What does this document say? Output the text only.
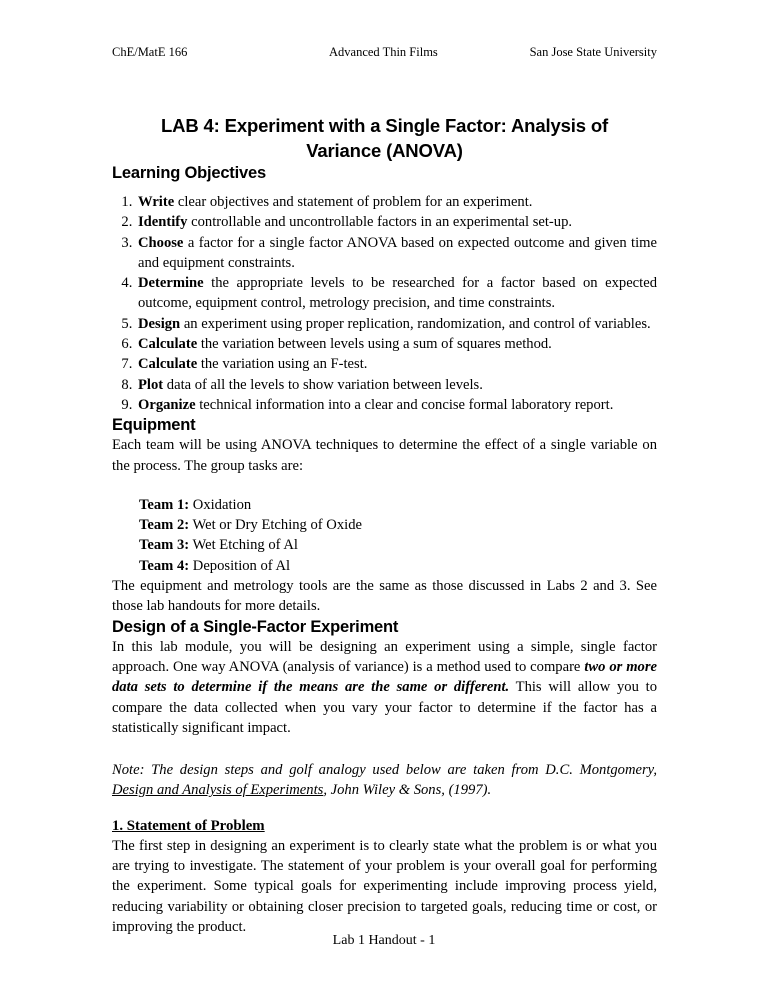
ChE/MatE 166	Advanced Thin Films	San Jose State University
LAB 4: Experiment with a Single Factor: Analysis of Variance (ANOVA)
Learning Objectives
1. Write clear objectives and statement of problem for an experiment.
2. Identify controllable and uncontrollable factors in an experimental set-up.
3. Choose a factor for a single factor ANOVA based on expected outcome and given time and equipment constraints.
4. Determine the appropriate levels to be researched for a factor based on expected outcome, equipment control, metrology precision, and time constraints.
5. Design an experiment using proper replication, randomization, and control of variables.
6. Calculate the variation between levels using a sum of squares method.
7. Calculate the variation using an F-test.
8. Plot data of all the levels to show variation between levels.
9. Organize technical information into a clear and concise formal laboratory report.
Equipment

Each team will be using ANOVA techniques to determine the effect of a single variable on the process. The group tasks are:

Team 1: Oxidation
Team 2: Wet or Dry Etching of Oxide
Team 3: Wet Etching of Al
Team 4: Deposition of Al

The equipment and metrology tools are the same as those discussed in Labs 2 and 3. See those lab handouts for more details.

Design of a Single-Factor Experiment

In this lab module, you will be designing an experiment using a simple, single factor approach. One way ANOVA (analysis of variance) is a method used to compare two or more data sets to determine if the means are the same or different. This will allow you to compare the data collected when you vary your factor to determine if the factor has a statistically significant impact.

Note: The design steps and golf analogy used below are taken from D.C. Montgomery, Design and Analysis of Experiments, John Wiley & Sons, (1997).

1. Statement of Problem

The first step in designing an experiment is to clearly state what the problem is or what you are trying to investigate. The statement of your problem is your overall goal for performing the experiment. Some typical goals for experimenting include improving process yield, reducing variability or obtaining closer precision to targeted goals, reducing time or cost, or improving the product.

Lab 1 Handout - 1
